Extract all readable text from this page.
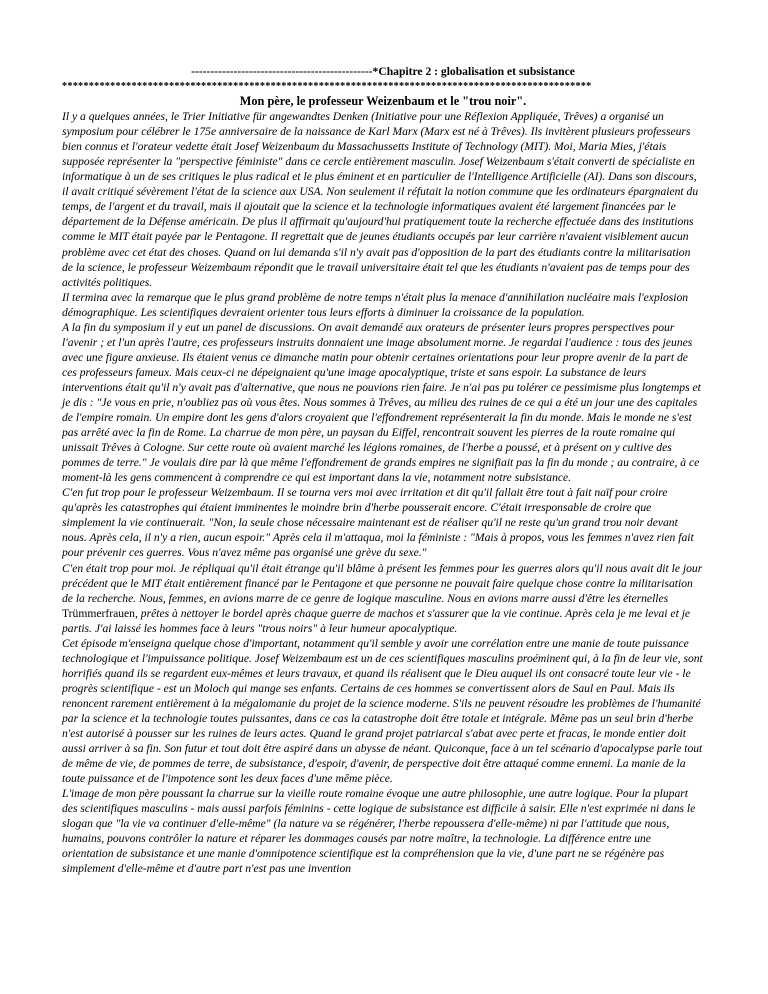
-----------------------------------------------*Chapitre 2 : globalisation et subsistance
***************************************************************************************************
Mon père, le professeur Weizenbaum et le "trou noir".

Il y a quelques années, le Trier Initiative für angewandtes Denken (Initiative pour une Réflexion Appliquée, Trêves) a organisé un symposium pour célébrer le 175e anniversaire de la naissance de Karl Marx (Marx est né à Trêves). Ils invitèrent plusieurs professeurs bien connus et l'orateur vedette était Josef Weizenbaum du Massachussetts Institute of Technology (MIT). Moi, Maria Mies, j'étais supposée représenter la "perspective féministe" dans ce cercle entièrement masculin. Josef Weizenbaum s'était converti de spécialiste en informatique à un de ses critiques le plus radical et le plus éminent et en particulier de l'Intelligence Artificielle (AI). Dans son discours, il avait critiqué sévèrement l'état de la science aux USA. Non seulement il réfutait la notion commune que les ordinateurs épargnaient du temps, de l'argent et du travail, mais il ajoutait que la science et la technologie informatiques avaient été largement financées par le département de la Défense américain. De plus il affirmait qu'aujourd'hui pratiquement toute la recherche effectuée dans des institutions comme le MIT était payée par le Pentagone. Il regrettait que de jeunes étudiants occupés par leur carrière n'avaient visiblement aucun problème avec cet état des choses. Quand on lui demanda s'il n'y avait pas d'opposition de la part des étudiants contre la militarisation de la science, le professeur Weizembaum répondit que le travail universitaire était tel que les étudiants n'avaient pas de temps pour des activités politiques.

Il termina avec la remarque que le plus grand problème de notre temps n'était plus la menace d'annihilation nucléaire mais l'explosion démographique. Les scientifiques devraient orienter tous leurs efforts à diminuer la croissance de la population.

A la fin du symposium il y eut un panel de discussions. On avait demandé aux orateurs de présenter leurs propres perspectives pour l'avenir ; et l'un après l'autre, ces professeurs instruits donnaient une image absolument morne. Je regardai l'audience : tous des jeunes avec une figure anxieuse. Ils étaient venus ce dimanche matin pour obtenir certaines orientations pour leur propre avenir de la part de ces professeurs fameux. Mais ceux-ci ne dépeignaient qu'une image apocalyptique, triste et sans espoir. La substance de leurs interventions était qu'il n'y avait pas d'alternative, que nous ne pouvions rien faire. Je n'ai pas pu tolérer ce pessimisme plus longtemps et je dis : "Je vous en prie, n'oubliez pas où vous êtes. Nous sommes à Trêves, au milieu des ruines de ce qui a été un jour une des capitales de l'empire romain. Un empire dont les gens d'alors croyaient que l'effondrement représenterait la fin du monde. Mais le monde ne s'est pas arrêté avec la fin de Rome. La charrue de mon père, un paysan du Eiffel, rencontrait souvent les pierres de la route romaine qui unissait Trêves à Cologne. Sur cette route où avaient marché les légions romaines, de l'herbe a poussé, et à présent on y cultive des pommes de terre." Je voulais dire par là que même l'effondrement de grands empires ne signifiait pas la fin du monde ; au contraire, à ce moment-là les gens commencent à comprendre ce qui est important dans la vie, notamment notre subsistance.

C'en fut trop pour le professeur Weizembaum. Il se tourna vers moi avec irritation et dit qu'il fallait être tout à fait naïf pour croire qu'après les catastrophes qui étaient imminentes le moindre brin d'herbe pousserait encore. C'était irresponsable de croire que simplement la vie continuerait. "Non, la seule chose nécessaire maintenant est de réaliser qu'il ne reste qu'un grand trou noir devant nous. Après cela, il n'y a rien, aucun espoir." Après cela il m'attaqua, moi la féministe : "Mais à propos, vous les femmes n'avez rien fait pour prévenir ces guerres. Vous n'avez même pas organisé une grève du sexe."

C'en était trop pour moi. Je répliquai qu'il était étrange qu'il blâme à présent les femmes pour les guerres alors qu'il nous avait dit le jour précédent que le MIT était entièrement financé par le Pentagone et que personne ne pouvait faire quelque chose contre la militarisation de la recherche. Nous, femmes, en avions marre de ce genre de logique masculine. Nous en avions marre aussi d'être les éternelles Trümmerfrauen, prêtes à nettoyer le bordel après chaque guerre de machos et s'assurer que la vie continue. Après cela je me levai et je partis. J'ai laissé les hommes face à leurs "trous noirs" à leur humeur apocalyptique.

Cet épisode m'enseigna quelque chose d'important, notamment qu'il semble y avoir une corrélation entre une manie de toute puissance technologique et l'impuissance politique. Josef Weizembaum est un de ces scientifiques masculins proéminent qui, à la fin de leur vie, sont horrifiés quand ils se regardent eux-mêmes et leurs travaux, et quand ils réalisent que le Dieu auquel ils ont consacré toute leur vie - le progrès scientifique - est un Moloch qui mange ses enfants. Certains de ces hommes se convertissent alors de Saul en Paul. Mais ils renoncent rarement entièrement à la mégalomanie du projet de la science moderne. S'ils ne peuvent résoudre les problèmes de l'humanité par la science et la technologie toutes puissantes, dans ce cas la catastrophe doit être totale et intégrale. Même pas un seul brin d'herbe n'est autorisé à pousser sur les ruines de leurs actes. Quand le grand projet patriarcal s'abat avec perte et fracas, le monde entier doit aussi arriver à sa fin. Son futur et tout doit être aspiré dans un abysse de néant. Quiconque, face à un tel scénario d'apocalypse parle tout de même de vie, de pommes de terre, de subsistance, d'espoir, d'avenir, de perspective doit être attaqué comme ennemi. La manie de la toute puissance et de l'impotence sont les deux faces d'une même pièce.

L'image de mon père poussant la charrue sur la vieille route romaine évoque une autre philosophie, une autre logique. Pour la plupart des scientifiques masculins - mais aussi parfois féminins - cette logique de subsistance est difficile à saisir. Elle n'est exprimée ni dans le slogan que "la vie va continuer d'elle-même" (la nature va se régénérer, l'herbe repoussera d'elle-même) ni par l'attitude que nous, humains, pouvons contrôler la nature et réparer les dommages causés par notre maître, la technologie. La différence entre une orientation de subsistance et une manie d'omnipotence scientifique est la compréhension que la vie, d'une part ne se régénère pas simplement d'elle-même et d'autre part n'est pas une invention
